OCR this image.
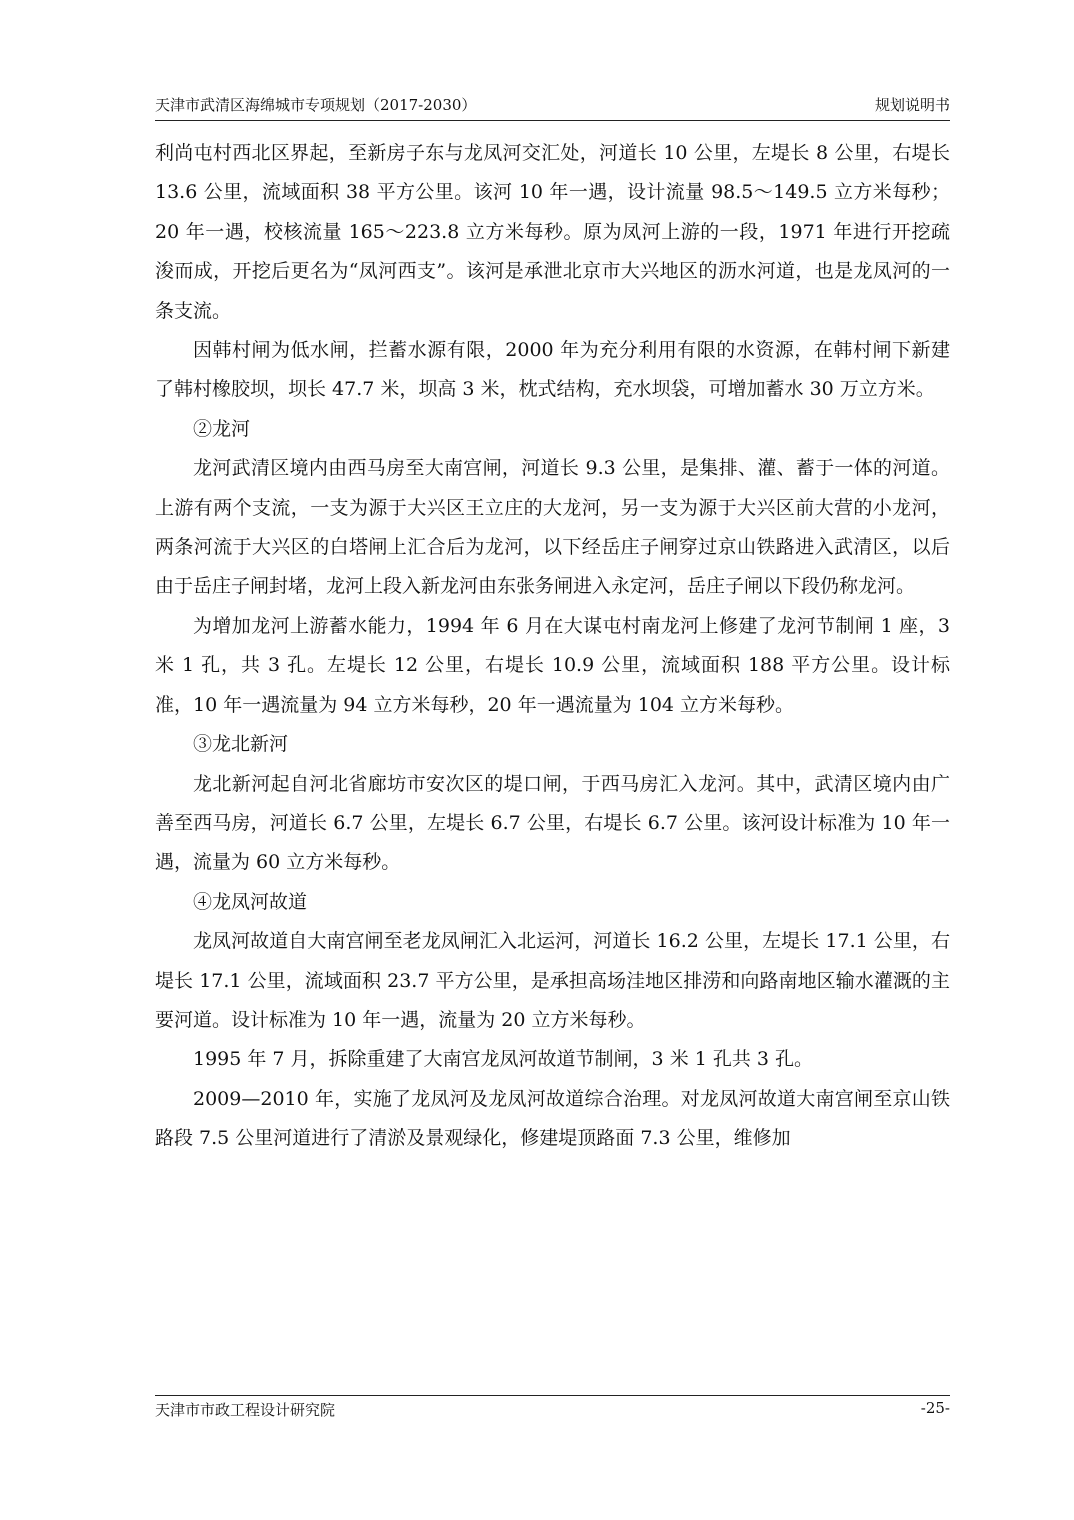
天津市武清区海绵城市专项规划（2017-2030）	规划说明书

利尚屯村西北区界起，至新房子东与龙凤河交汇处，河道长 10 公里，左堤长 8 公里，右堤长 13.6 公里，流域面积 38 平方公里。该河 10 年一遇，设计流量 98.5～149.5 立方米每秒；20 年一遇，校核流量 165～223.8 立方米每秒。原为凤河上游的一段，1971 年进行开挖疏浚而成，开挖后更名为“凤河西支”。该河是承泄北京市大兴地区的沥水河道，也是龙凤河的一条支流。

因韩村闸为低水闸，拦蓄水源有限，2000 年为充分利用有限的水资源，在韩村闸下新建了韩村橡胶坝，坝长 47.7 米，坝高 3 米，枕式结构，充水坝袋，可增加蓄水 30 万立方米。

②龙河

龙河武清区境内由西马房至大南宫闸，河道长 9.3 公里，是集排、灌、蓄于一体的河道。上游有两个支流，一支为源于大兴区王立庄的大龙河，另一支为源于大兴区前大营的小龙河，两条河流于大兴区的白塔闸上汇合后为龙河，以下经岳庄子闸穿过京山铁路进入武清区，以后由于岳庄子闸封堵，龙河上段入新龙河由东张务闸进入永定河，岳庄子闸以下段仍称龙河。

为增加龙河上游蓄水能力，1994 年 6 月在大谋屯村南龙河上修建了龙河节制闸 1 座，3 米 1 孔，共 3 孔。左堤长 12 公里，右堤长 10.9 公里，流域面积 188 平方公里。设计标准，10 年一遇流量为 94 立方米每秒，20 年一遇流量为 104 立方米每秒。

③龙北新河

龙北新河起自河北省廊坊市安次区的堤口闸，于西马房汇入龙河。其中，武清区境内由广善至西马房，河道长 6.7 公里，左堤长 6.7 公里，右堤长 6.7 公里。该河设计标准为 10 年一遇，流量为 60 立方米每秒。

④龙凤河故道

龙凤河故道自大南宫闸至老龙凤闸汇入北运河，河道长 16.2 公里，左堤长 17.1 公里，右堤长 17.1 公里，流域面积 23.7 平方公里，是承担高场洼地区排涝和向路南地区输水灌溉的主要河道。设计标准为 10 年一遇，流量为 20 立方米每秒。

1995 年 7 月，拆除重建了大南宫龙凤河故道节制闸，3 米 1 孔共 3 孔。

2009—2010 年，实施了龙凤河及龙凤河故道综合治理。对龙凤河故道大南宫闸至京山铁路段 7.5 公里河道进行了清淤及景观绿化，修建堤顶路面 7.3 公里，维修加

天津市市政工程设计研究院	-25-
